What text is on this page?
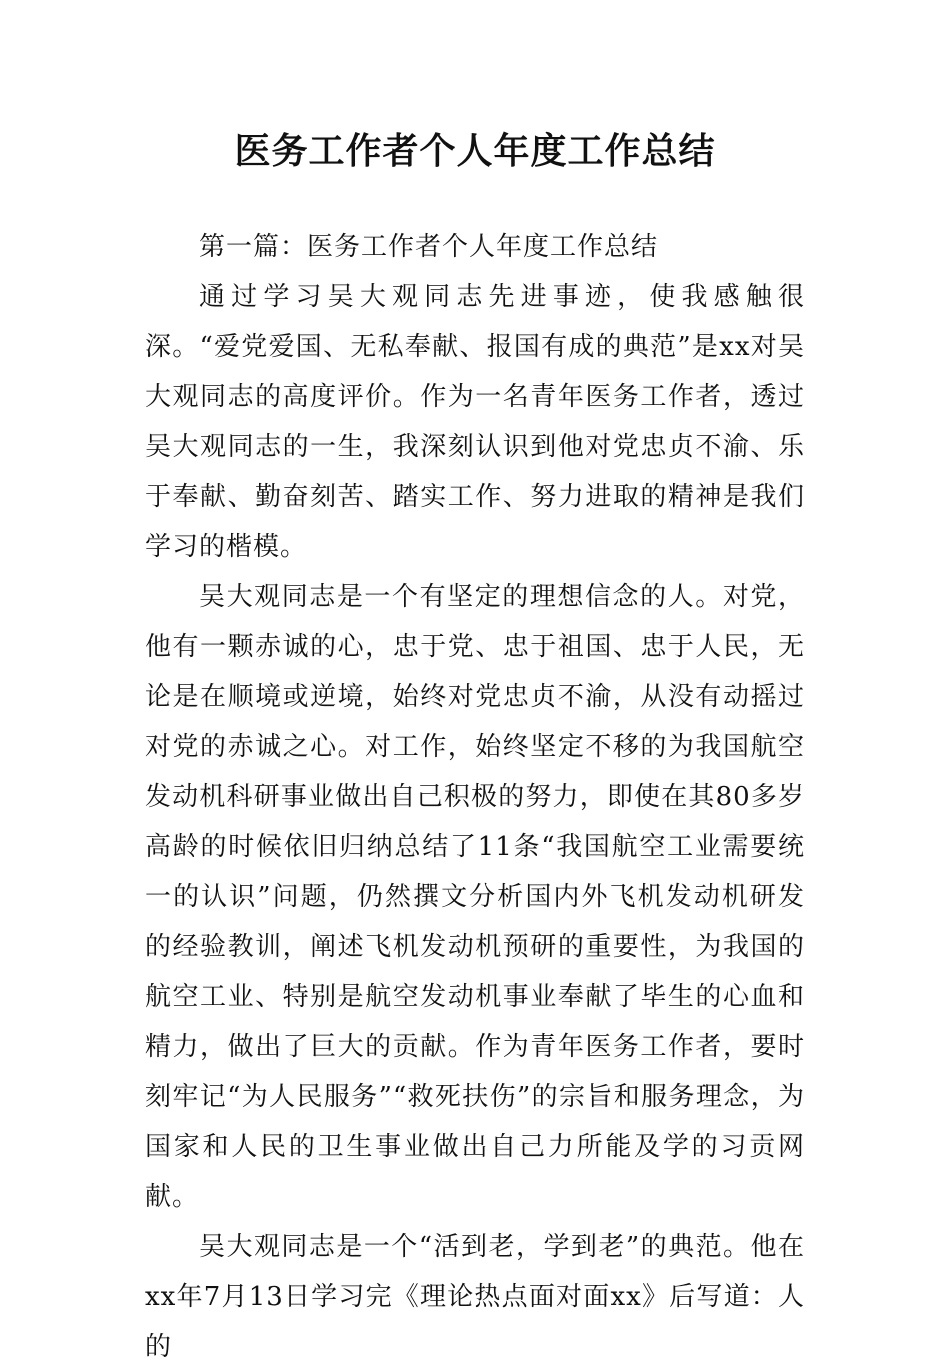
医务工作者个人年度工作总结

第一篇：医务工作者个人年度工作总结

通过学习吴大观同志先进事迹，使我感触很深。“爱党爱国、无私奉献、报国有成的典范”是xx对吴大观同志的高度评价。作为一名青年医务工作者，透过吴大观同志的一生，我深刻认识到他对党忠贞不渝、乐于奉献、勤奋刻苦、踏实工作、努力进取的精神是我们学习的楷模。

吴大观同志是一个有坚定的理想信念的人。对党，他有一颗赤诚的心，忠于党、忠于祖国、忠于人民，无论是在顺境或逆境，始终对党忠贞不渝，从没有动摇过对党的赤诚之心。对工作，始终坚定不移的为我国航空发动机科研事业做出自己积极的努力，即使在其80多岁高龄的时候依旧归纳总结了11条“我国航空工业需要统一的认识”问题，仍然撰文分析国内外飞机发动机研发的经验教训，阐述飞机发动机预研的重要性，为我国的航空工业、特别是航空发动机事业奉献了毕生的心血和精力，做出了巨大的贡献。作为青年医务工作者，要时刻牢记“为人民服务”“救死扶伤”的宗旨和服务理念，为国家和人民的卫生事业做出自己力所能及学的习贡网献。

吴大观同志是一个“活到老，学到老”的典范。他在xx年7月13日学习完《理论热点面对面xx》后写道：人的
